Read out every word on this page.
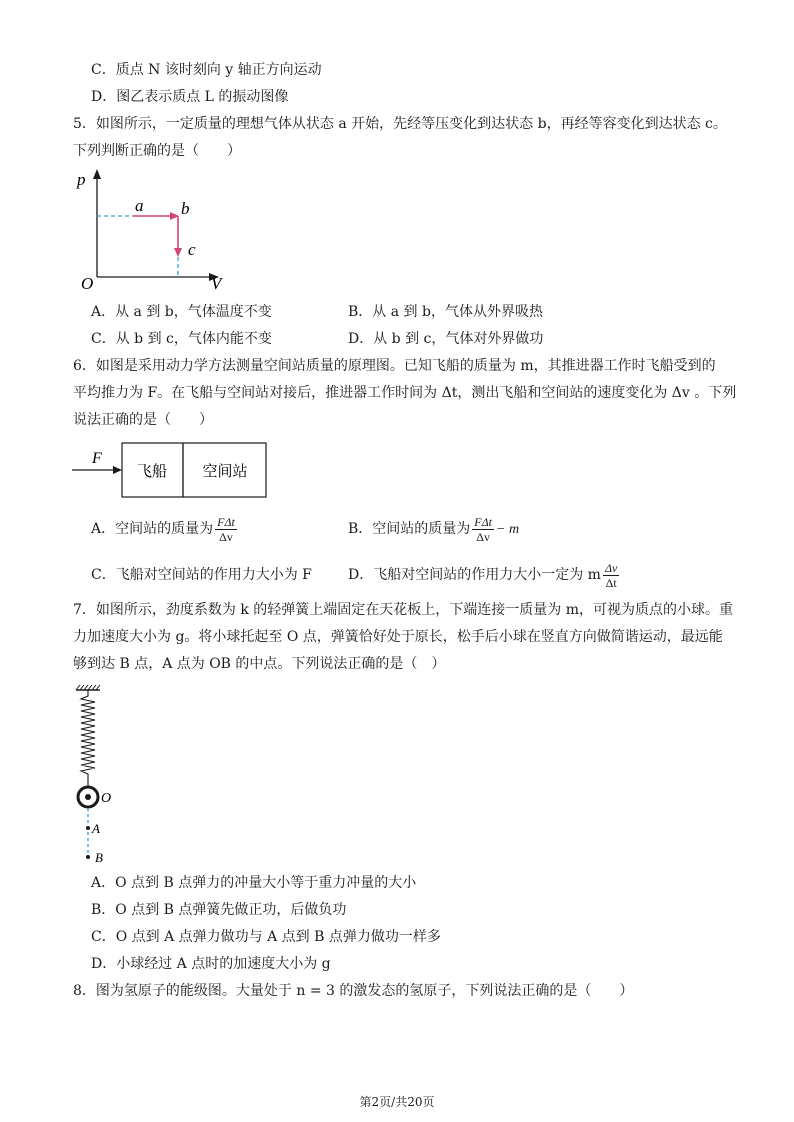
C．质点 N 该时刻向 y 轴正方向运动
D．图乙表示质点 L 的振动图像
5．如图所示，一定质量的理想气体从状态 a 开始，先经等压变化到达状态 b，再经等容变化到达状态 c。
下列判断正确的是（　　）
p
V
O
a b
c
A．从 a 到 b，气体温度不变	B．从 a 到 b，气体从外界吸热
C．从 b 到 c，气体内能不变	D．从 b 到 c，气体对外界做功
6．如图是采用动力学方法测量空间站质量的原理图。已知飞船的质量为 m，其推进器工作时飞船受到的
平均推力为 F。在飞船与空间站对接后，推进器工作时间为 Δt，测出飞船和空间站的速度变化为 Δv 。下列
说法正确的是（　　）
F
飞船 空间站
A．空间站的质量为 $\frac{\text{FΔt}}{\Delta v}$	B．空间站的质量为 $\frac{\text{FΔt}}{\Delta v} - m$
C．飞船对空间站的作用力大小为 F	D．飞船对空间站的作用力大小一定为 m $\frac{\Delta v}{\Delta t}$
7．如图所示，劲度系数为 k 的轻弹簧上端固定在天花板上，下端连接一质量为 m，可视为质点的小球。重
力加速度大小为 g。将小球托起至 O 点，弹簧恰好处于原长，松手后小球在竖直方向做简谐运动，最远能
够到达 B 点，A 点为 OB 的中点。下列说法正确的是（　）
O
A
B
A．O 点到 B 点弹力的冲量大小等于重力冲量的大小
B．O 点到 B 点弹簧先做正功，后做负功
C．O 点到 A 点弹力做功与 A 点到 B 点弹力做功一样多
D．小球经过 A 点时的加速度大小为 g
8．图为氢原子的能级图。大量处于 n = 3 的激发态的氢原子，下列说法正确的是（　　）
第2页/共20页
